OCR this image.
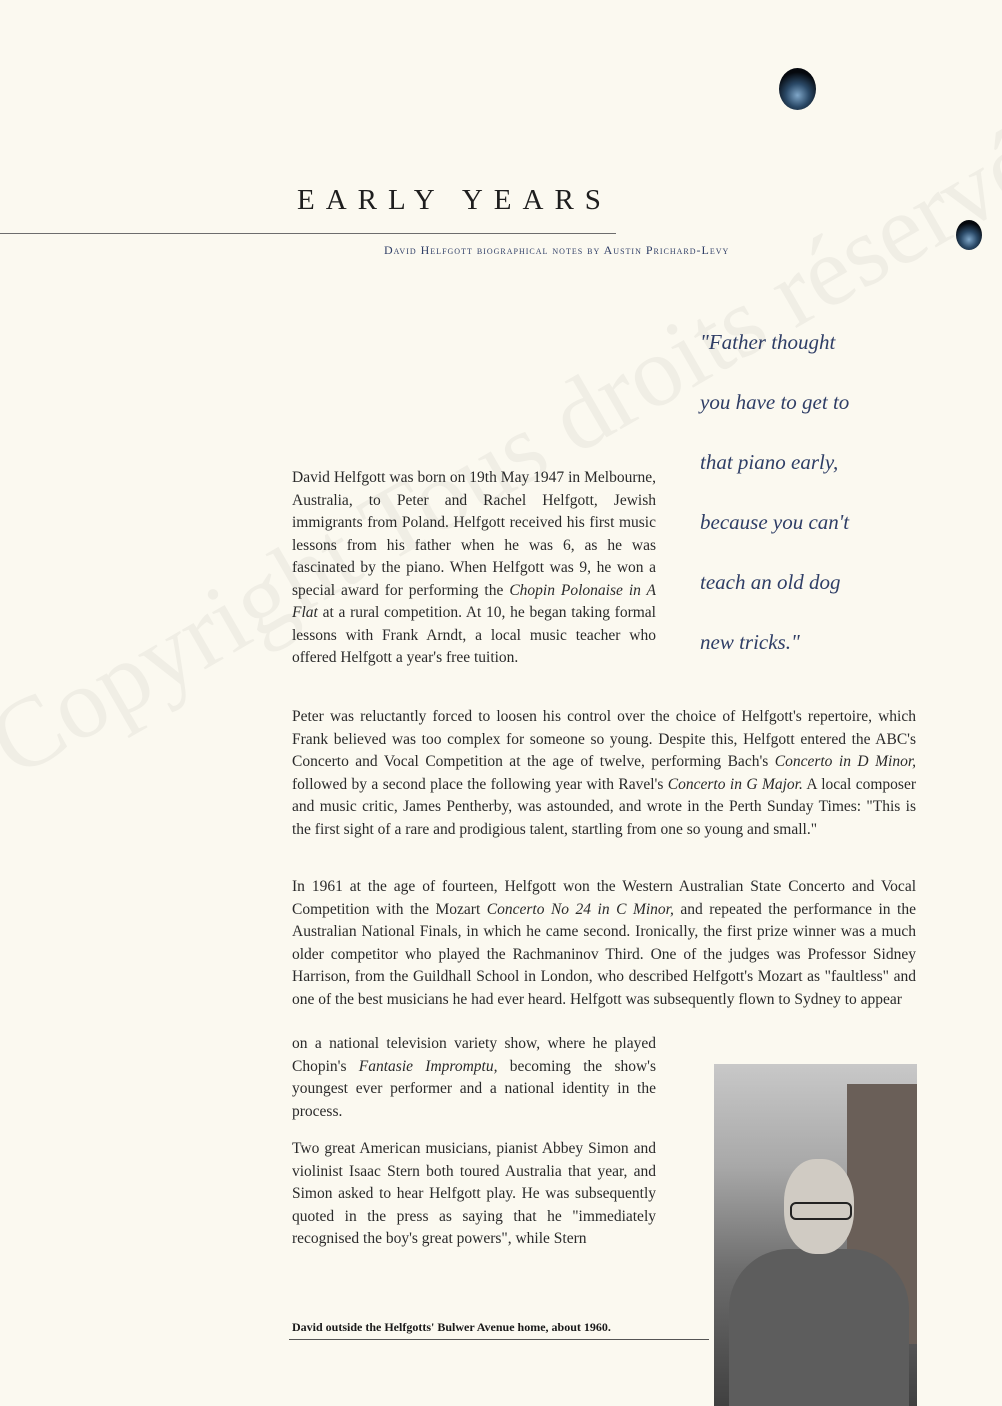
EARLY YEARS
David Helfgott biographical notes by Austin Prichard-Levy
"Father thought
you have to get to
that piano early,
because you can't
teach an old dog
new tricks."

David Helfgott was born on 19th May 1947 in Melbourne, Australia, to Peter and Rachel Helfgott, Jewish immigrants from Poland. Helfgott received his first music lessons from his father when he was 6, as he was fascinated by the piano. When Helfgott was 9, he won a special award for performing the Chopin Polonaise in A Flat at a rural competition. At 10, he began taking formal lessons with Frank Arndt, a local music teacher who offered Helfgott a year's free tuition.

Peter was reluctantly forced to loosen his control over the choice of Helfgott's repertoire, which Frank believed was too complex for someone so young. Despite this, Helfgott entered the ABC's Concerto and Vocal Competition at the age of twelve, performing Bach's Concerto in D Minor, followed by a second place the following year with Ravel's Concerto in G Major. A local composer and music critic, James Pentherby, was astounded, and wrote in the Perth Sunday Times: "This is the first sight of a rare and prodigious talent, startling from one so young and small."

In 1961 at the age of fourteen, Helfgott won the Western Australian State Concerto and Vocal Competition with the Mozart Concerto No 24 in C Minor, and repeated the performance in the Australian National Finals, in which he came second. Ironically, the first prize winner was a much older competitor who played the Rachmaninov Third. One of the judges was Professor Sidney Harrison, from the Guildhall School in London, who described Helfgott's Mozart as "faultless" and one of the best musicians he had ever heard. Helfgott was subsequently flown to Sydney to appear

on a national television variety show, where he played Chopin's Fantasie Impromptu, becoming the show's youngest ever performer and a national identity in the process.

Two great American musicians, pianist Abbey Simon and violinist Isaac Stern both toured Australia that year, and Simon asked to hear Helfgott play. He was subsequently quoted in the press as saying that he "immediately recognised the boy's great powers", while Stern

David outside the Helfgotts' Bulwer Avenue home, about 1960.
